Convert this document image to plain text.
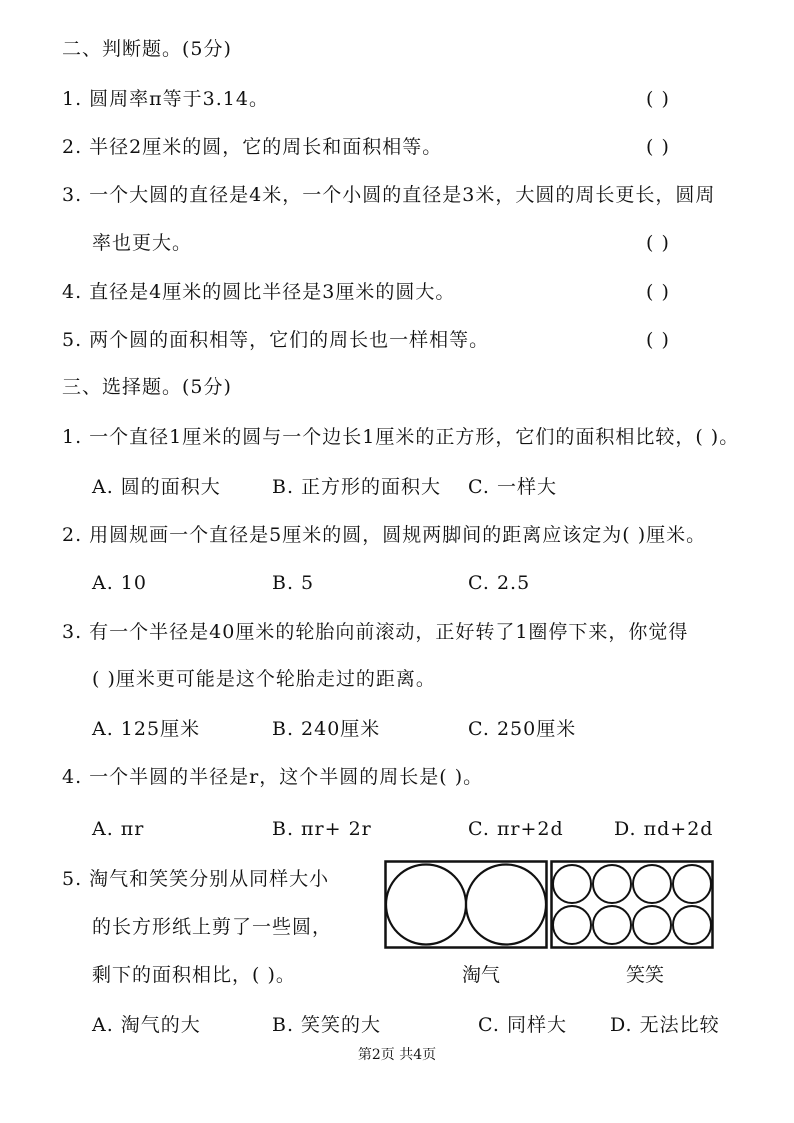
二、判断题。(5分)
1. 圆周率π等于3.14。	( )
2. 半径2厘米的圆，它的周长和面积相等。	( )
3. 一个大圆的直径是4米，一个小圆的直径是3米，大圆的周长更长，圆周
率也更大。	( )
4. 直径是4厘米的圆比半径是3厘米的圆大。	( )
5. 两个圆的面积相等，它们的周长也一样相等。	( )
三、选择题。(5分)
1. 一个直径1厘米的圆与一个边长1厘米的正方形，它们的面积相比较，( )。
A. 圆的面积大	B. 正方形的面积大 C. 一样大
2. 用圆规画一个直径是5厘米的圆，圆规两脚间的距离应该定为( )厘米。
A. 10	B. 5	C. 2.5
3. 有一个半径是40厘米的轮胎向前滚动，正好转了1圈停下来，你觉得
( )厘米更可能是这个轮胎走过的距离。
A. 125厘米	B. 240厘米	C. 250厘米
4. 一个半圆的半径是r，这个半圆的周长是( )。
A. πr	B. πr+ 2r	C. πr+2d	D. πd+2d
5. 淘气和笑笑分别从同样大小
的长方形纸上剪了一些圆，
剩下的面积相比，( )。	淘气	笑笑
A. 淘气的大	B. 笑笑的大	C. 同样大 D. 无法比较
第2页 共4页
